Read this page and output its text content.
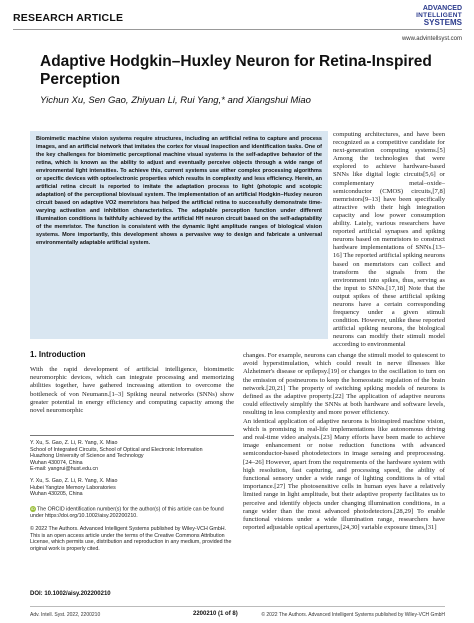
RESEARCH ARTICLE
ADVANCED
INTELLIGENT
SYSTEMS
www.advintellsyst.com
Adaptive Hodgkin–Huxley Neuron for Retina-Inspired Perception
Yichun Xu, Sen Gao, Zhiyuan Li, Rui Yang,* and Xiangshui Miao
Biomimetic machine vision systems require structures, including an artificial retina to capture and process images, and an artificial network that imitates the cortex for visual inspection and identification tasks. One of the key challenges for biomimetic perceptional machine visual systems is the self-adaptive behavior of the retina, which is known as the ability to adjust and eventually perceive objects through a wide range of environmental light intensities. To achieve this, current systems use either complex processing algorithms or specific devices with optoelectronic properties which results in complexity and less efficiency. Herein, an artificial retina circuit is reported to imitate the adaptation process to light (photopic and scotopic adaptation) of the perceptional biovisual system. The implementation of an artificial Hodgkin–Huxley neuron circuit based on adaptive VO2 memristors has helped the artificial retina to successfully demonstrate time-varying activation and inhibition characteristics. The adaptable perception function under different illumination conditions is faithfully achieved by the artificial HH neuron circuit based on the self-adaptability of the memristor. The function is consistent with the dynamic light amplitude ranges of biological vision systems. More importantly, this development shows a pervasive way to design and fabricate a universal environmentally adaptable artificial system.
computing architectures, and have been recognized as a competitive candidate for next-generation computing systems.[5] Among the technologies that were explored to achieve hardware-based SNNs like digital logic circuits[5,6] or complementary metal–oxide–semiconductor (CMOS) circuits,[7,8] memristors[9–13] have been specifically attractive with their high integration capacity and low power consumption ability. Lately, various researchers have reported artificial synapses and spiking neurons based on memristors to construct hardware implementations of SNNs.[13–16] The reported artificial spiking neurons based on memristors can collect and transform the signals from the environment into spikes, thus, serving as the input to SNNs.[17,18] Note that the output spikes of these artificial spiking neurons have a certain corresponding frequency under a given stimuli condition. However, unlike these reported artificial spiking neurons, the biological neurons can modify their stimuli model according to environmental
1. Introduction
With the rapid development of artificial intelligence, biomimetic neuromorphic devices, which can integrate processing and memorizing abilities together, have gathered increasing attention to overcome the bottleneck of von Neumann.[1–3] Spiking neural networks (SNNs) show greater potential in energy efficiency and computing capacity among the novel neuromorphic
Y. Xu, S. Gao, Z. Li, R. Yang, X. Miao
School of Integrated Circuits, School of Optical and Electronic Information
Huazhong University of Science and Technology
Wuhan 430074, China
E-mail: yangrui@hust.edu.cn
Y. Xu, S. Gao, Z. Li, R. Yang, X. Miao
Hubei Yangtze Memory Laboratories
Wuhan 430205, China
iD The ORCID identification number(s) for the author(s) of this article can be found under https://doi.org/10.1002/aisy.202200210.
© 2022 The Authors. Advanced Intelligent Systems published by Wiley-VCH GmbH. This is an open access article under the terms of the Creative Commons Attribution License, which permits use, distribution and reproduction in any medium, provided the original work is properly cited.
DOI: 10.1002/aisy.202200210
changes. For example, neurons can change the stimuli model to quiescent to avoid hyperstimulation, which could result in nerve illnesses like Alzheimer's disease or epilepsy.[19] or changes to the oscillation to turn on the emission of postneurons to keep the homeostatic regulation of the brain network.[20,21] The property of switching spiking models of neurons is defined as the adaptive property.[22] The application of adaptive neurons could effectively simplify the SNNs at both hardware and software levels, resulting in less complexity and more power efficiency.
An identical application of adaptive neurons is bioinspired machine vision, which is promising in real-life implementations like autonomous driving and real-time video analysis.[23] Many efforts have been made to achieve image enhancement or noise reduction functions with advanced semiconductor-based photodetectors in image sensing and preprocessing.[24–26] However, apart from the requirements of the hardware system with high resolution, fast capturing, and processing speed, the ability of functional sensory under a wide range of lighting conditions is of vital importance.[27] The photosensitive cells in human eyes have a relatively limited range in light amplitude, but their adaptive property facilitates us to perceive and identify objects under changing illumination conditions, in a range wider than the most advanced photodetectors.[28,29] To enable functional visions under a wide illumination range, researchers have reported adjustable optical apertures,[24,30] variable exposure times,[31]
Adv. Intell. Syst. 2022, 2200210	2200210 (1 of 8)	© 2022 The Authors. Advanced Intelligent Systems published by Wiley-VCH GmbH
